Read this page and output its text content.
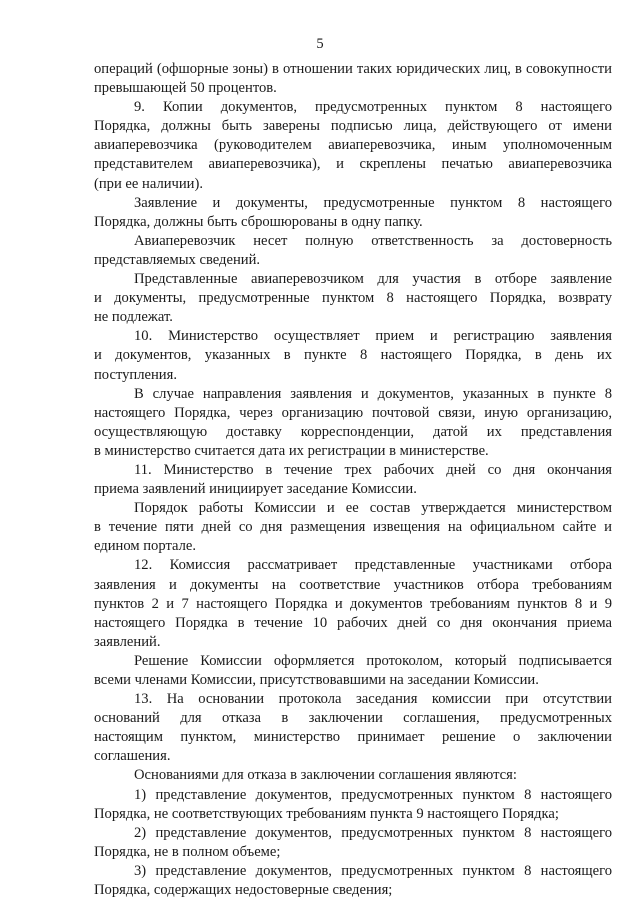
5
операций (офшорные зоны) в отношении таких юридических лиц, в совокупности
превышающей 50 процентов.
9. Копии документов, предусмотренных пунктом 8 настоящего
Порядка, должны быть заверены подписью лица, действующего от имени
авиаперевозчика (руководителем авиаперевозчика, иным уполномоченным
представителем авиаперевозчика), и скреплены печатью авиаперевозчика
(при ее наличии).
Заявление и документы, предусмотренные пунктом 8 настоящего
Порядка, должны быть сброшюрованы в одну папку.
Авиаперевозчик несет полную ответственность за достоверность
представляемых сведений.
Представленные авиаперевозчиком для участия в отборе заявление
и документы, предусмотренные пунктом 8 настоящего Порядка, возврату
не подлежат.
10. Министерство осуществляет прием и регистрацию заявления
и документов, указанных в пункте 8 настоящего Порядка, в день их
поступления.
В случае направления заявления и документов, указанных в пункте 8
настоящего Порядка, через организацию почтовой связи, иную организацию,
осуществляющую доставку корреспонденции, датой их представления
в министерство считается дата их регистрации в министерстве.
11. Министерство в течение трех рабочих дней со дня окончания
приема заявлений инициирует заседание Комиссии.
Порядок работы Комиссии и ее состав утверждается министерством
в течение пяти дней со дня размещения извещения на официальном сайте и
едином портале.
12. Комиссия рассматривает представленные участниками отбора
заявления и документы на соответствие участников отбора требованиям
пунктов 2 и 7 настоящего Порядка и документов требованиям пунктов 8 и 9
настоящего Порядка в течение 10 рабочих дней со дня окончания приема
заявлений.
Решение Комиссии оформляется протоколом, который подписывается
всеми членами Комиссии, присутствовавшими на заседании Комиссии.
13. На основании протокола заседания комиссии при отсутствии
оснований для отказа в заключении соглашения, предусмотренных
настоящим пунктом, министерство принимает решение о заключении
соглашения.
Основаниями для отказа в заключении соглашения являются:
1) представление документов, предусмотренных пунктом 8 настоящего
Порядка, не соответствующих требованиям пункта 9 настоящего Порядка;
2) представление документов, предусмотренных пунктом 8 настоящего
Порядка, не в полном объеме;
3) представление документов, предусмотренных пунктом 8 настоящего
Порядка, содержащих недостоверные сведения;
